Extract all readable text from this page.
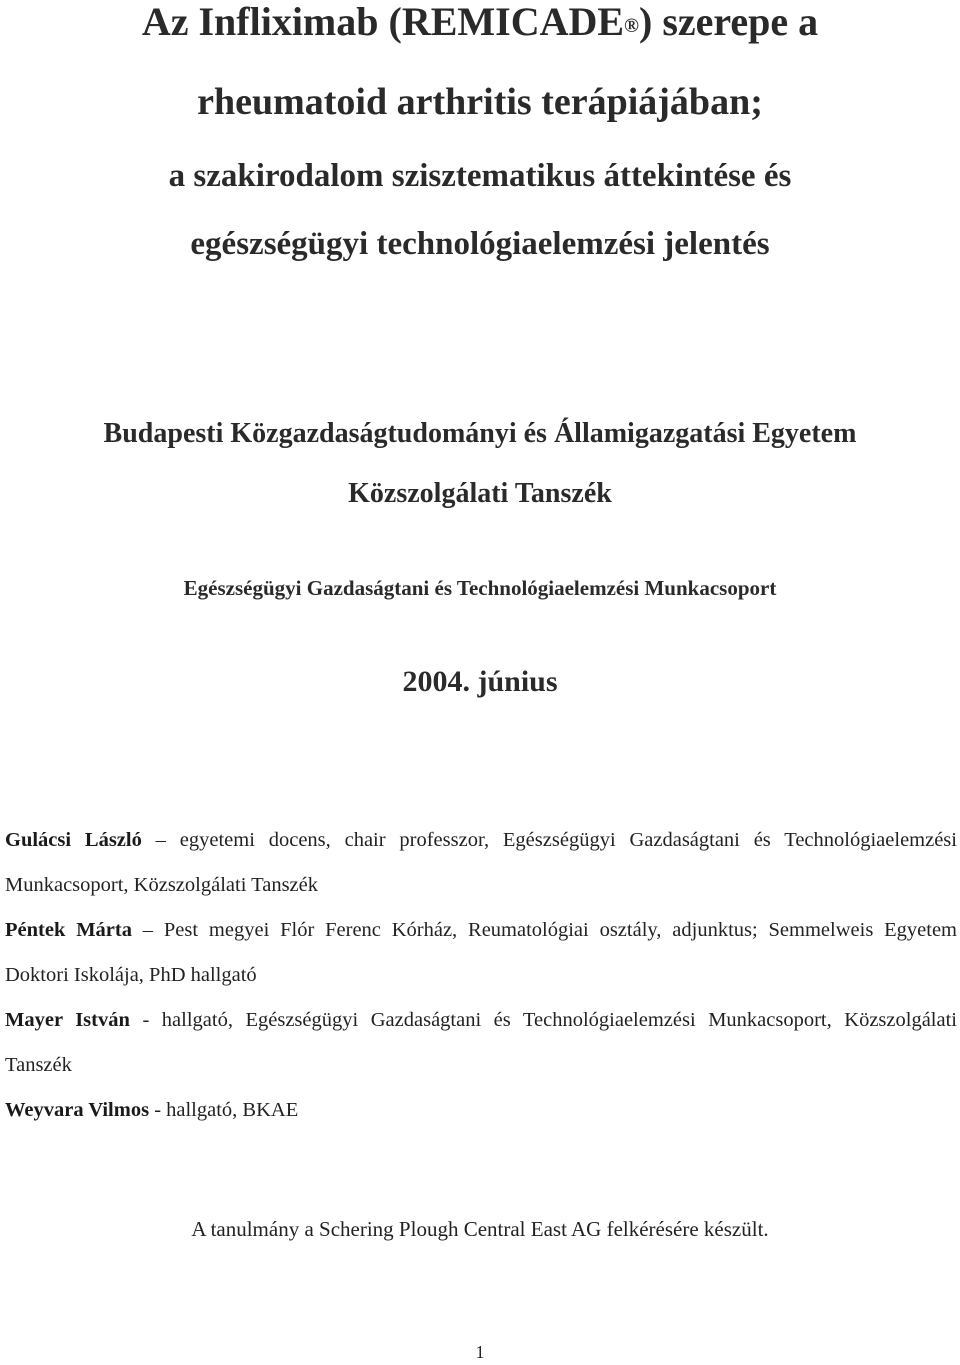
Az Infliximab (REMICADE®) szerepe a
rheumatoid arthritis terápiájában;
a szakirodalom szisztematikus áttekintése és
egészségügyi technológiaelemzési jelentés
Budapesti Közgazdaságtudományi és Államigazgatási Egyetem
Közszolgálati Tanszék
Egészségügyi Gazdaságtani és Technológiaelemzési Munkacsoport
2004. június

Gulácsi László – egyetemi docens, chair professzor, Egészségügyi Gazdaságtani és Technológiaelemzési Munkacsoport, Közszolgálati Tanszék

Péntek Márta – Pest megyei Flór Ferenc Kórház, Reumatológiai osztály, adjunktus; Semmelweis Egyetem Doktori Iskolája, PhD hallgató

Mayer István - hallgató, Egészségügyi Gazdaságtani és Technológiaelemzési Munkacsoport, Közszolgálati Tanszék

Weyvara Vilmos - hallgató, BKAE

A tanulmány a Schering Plough Central East AG felkérésére készült.

1
